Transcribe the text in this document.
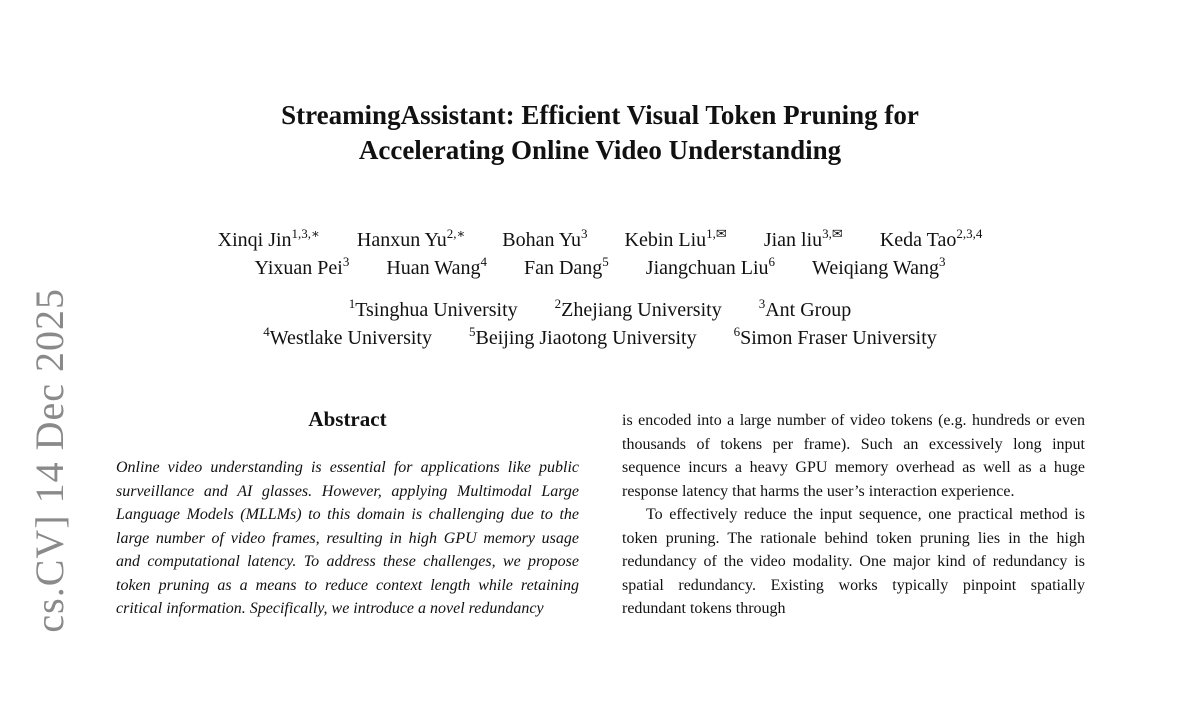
cs.CV] 14 Dec 2025
StreamingAssistant: Efficient Visual Token Pruning for
Accelerating Online Video Understanding
Xinqi Jin$^{1,3,∗}$ Hanxun $Yu^{2,∗}$ Bohan Yu$^3$ Kebin Liu$^{1,✉}$ Jian liu$^{3,✉}$ Keda Tao$^{2,3,4}$
Yixuan Pei$^3$ Huan Wang$^4$ Fan Dang$^5$ Jiangchuan Liu$^6$ Weiqiang Wang$^3$
$^1$Tsinghua University	$^2$Zhejiang University	$^3$Ant Group
$^4$Westlake University	$^5$Beijing Jiaotong University	$^6$Simon Fraser University
Abstract

Online video understanding is essential for applications like public surveillance and AI glasses. However, applying Multimodal Large Language Models (MLLMs) to this domain is challenging due to the large number of video frames, resulting in high GPU memory usage and computational latency. To address these challenges, we propose token pruning as a means to reduce context length while retaining critical information. Specifically, we introduce a novel redundancy

is encoded into a large number of video tokens (e.g. hundreds or even thousands of tokens per frame). Such an excessively long input sequence incurs a heavy GPU memory overhead as well as a huge response latency that harms the user’s interaction experience.

To effectively reduce the input sequence, one practical method is token pruning. The rationale behind token pruning lies in the high redundancy of the video modality. One major kind of redundancy is spatial redundancy. Existing works typically pinpoint spatially redundant tokens through
